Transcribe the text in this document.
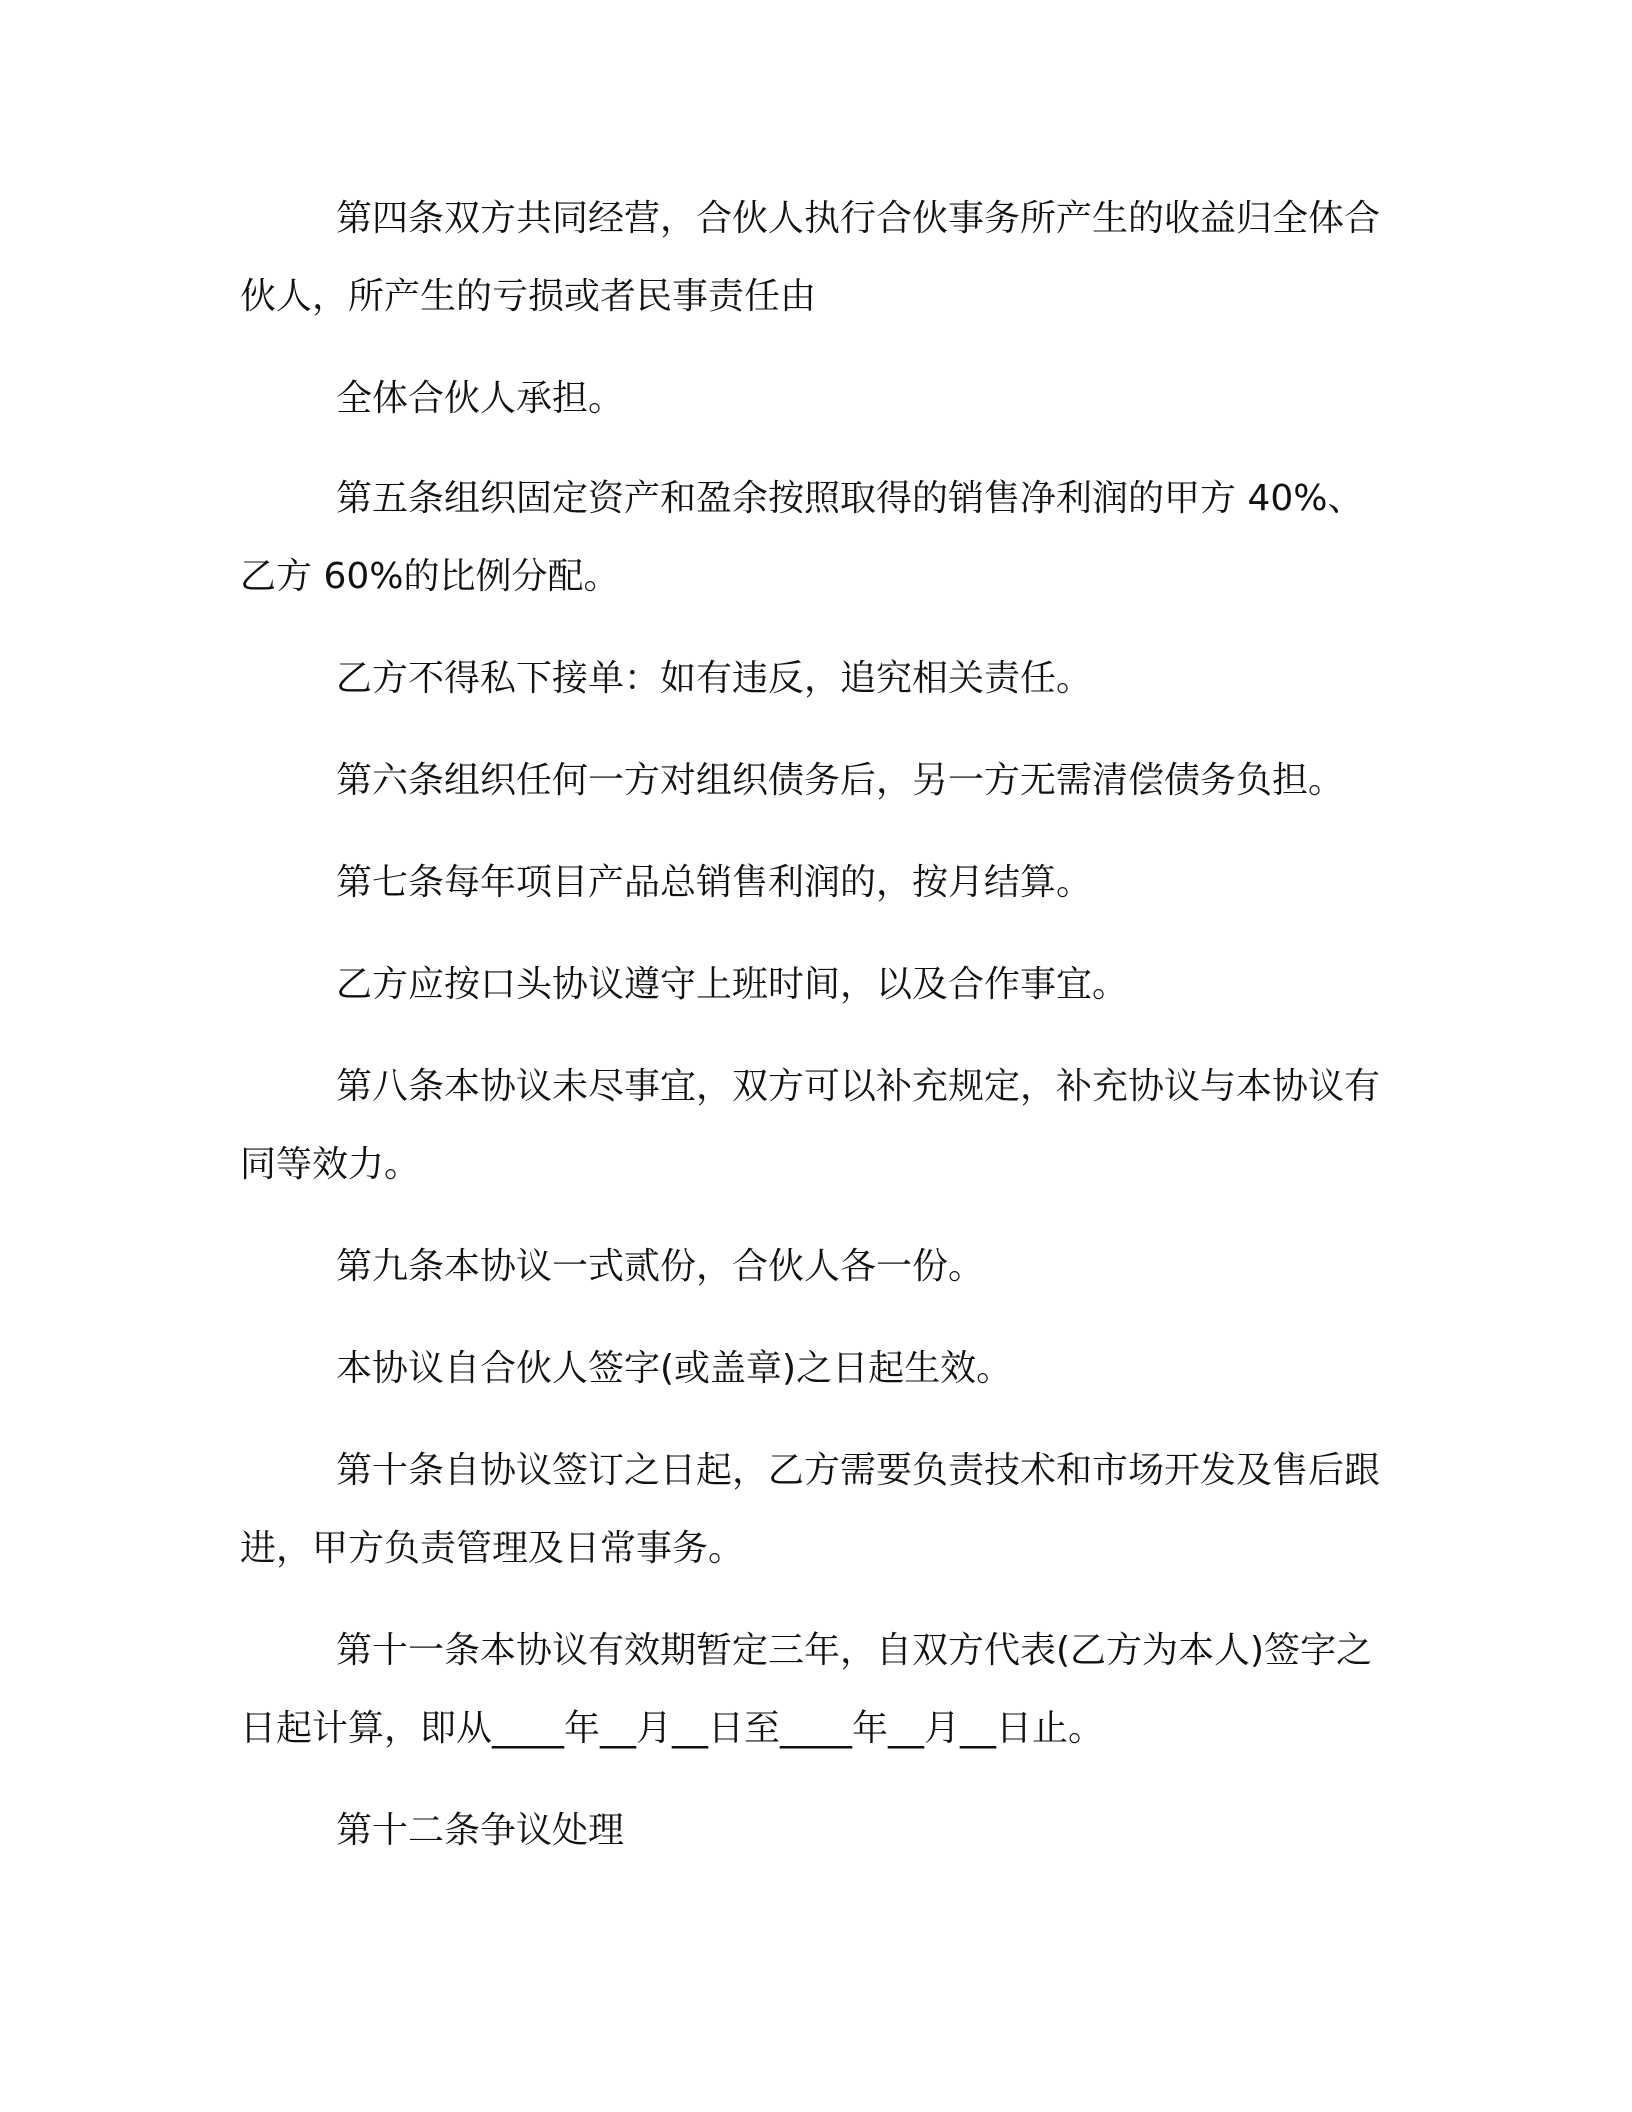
第四条双方共同经营，合伙人执行合伙事务所产生的收益归全体合伙人，所产生的亏损或者民事责任由

全体合伙人承担。

第五条组织固定资产和盈余按照取得的销售净利润的甲方 40%、乙方 60%的比例分配。

乙方不得私下接单：如有违反，追究相关责任。

第六条组织任何一方对组织债务后，另一方无需清偿债务负担。

第七条每年项目产品总销售利润的，按月结算。

乙方应按口头协议遵守上班时间，以及合作事宜。

第八条本协议未尽事宜，双方可以补充规定，补充协议与本协议有同等效力。

第九条本协议一式贰份，合伙人各一份。

本协议自合伙人签字(或盖章)之日起生效。

第十条自协议签订之日起，乙方需要负责技术和市场开发及售后跟进，甲方负责管理及日常事务。

第十一条本协议有效期暂定三年，自双方代表(乙方为本人)签字之日起计算，即从____年__月__日至____年__月__日止。

第十二条争议处理
